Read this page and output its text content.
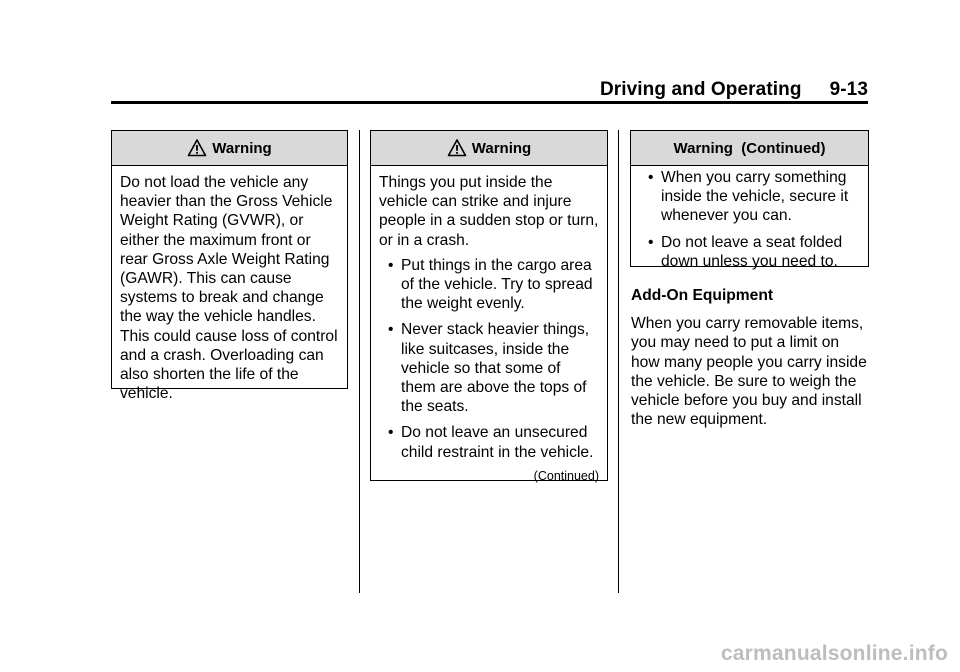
Driving and Operating 9-13
Warning

Do not load the vehicle any heavier than the Gross Vehicle Weight Rating (GVWR), or either the maximum front or rear Gross Axle Weight Rating (GAWR). This can cause systems to break and change the way the vehicle handles. This could cause loss of control and a crash. Overloading can also shorten the life of the vehicle.

Warning

Things you put inside the vehicle can strike and injure people in a sudden stop or turn, or in a crash.

• Put things in the cargo area of the vehicle. Try to spread the weight evenly.
• Never stack heavier things, like suitcases, inside the vehicle so that some of them are above the tops of the seats.
• Do not leave an unsecured child restraint in the vehicle.
(Continued)
Warning  (Continued)
• When you carry something inside the vehicle, secure it whenever you can.
• Do not leave a seat folded down unless you need to.
Add-On Equipment

When you carry removable items, you may need to put a limit on how many people you carry inside the vehicle. Be sure to weigh the vehicle before you buy and install the new equipment.

carmanualsonline.info
